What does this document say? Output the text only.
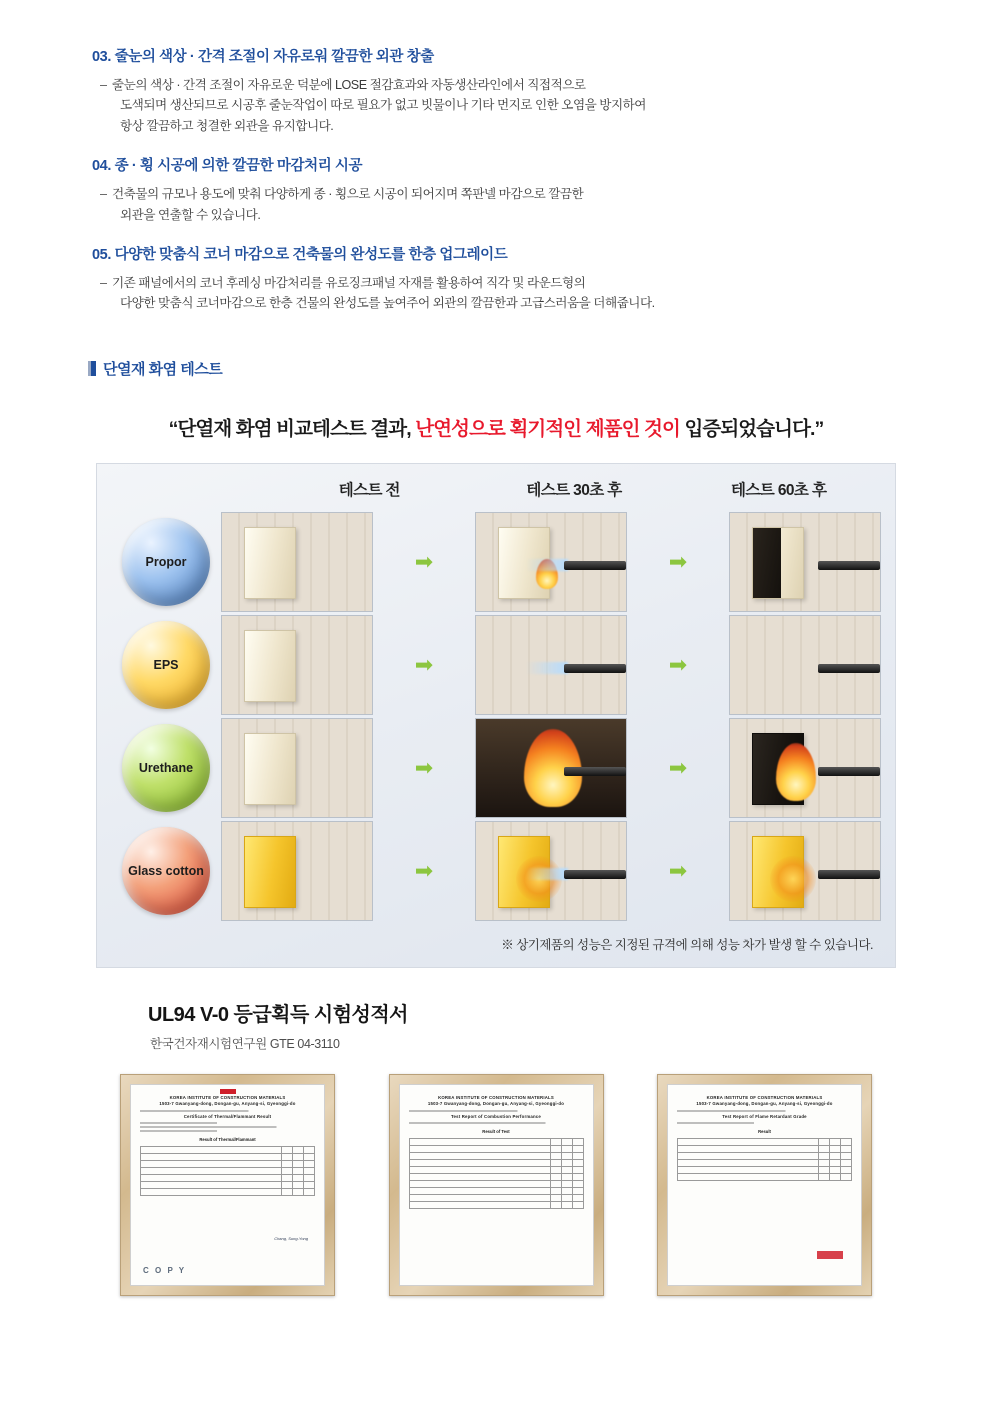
03. 줄눈의 색상 · 간격 조절이 자유로워 깔끔한 외관 창출
– 줄눈의 색상 · 간격 조절이 자유로운 덕분에 LOSE 절감효과와 자동생산라인에서 직접적으로
도색되며 생산되므로 시공후 줄눈작업이 따로 필요가 없고 빗물이나 기타 먼지로 인한 오염을 방지하여
항상 깔끔하고 청결한 외관을 유지합니다.
04. 종 · 횡 시공에 의한 깔끔한 마감처리 시공
– 건축물의 규모나 용도에 맞춰 다양하게 종 · 횡으로 시공이 되어지며 쪽판넬 마감으로 깔끔한
외관을 연출할 수 있습니다.
05. 다양한 맞춤식 코너 마감으로 건축물의 완성도를 한층 업그레이드
– 기존 패널에서의 코너 후레싱 마감처리를 유로징크패널 자재를 활용하여 직각 및 라운드형의
다양한 맞춤식 코너마감으로 한층 건물의 완성도를 높여주어 외관의 깔끔한과 고급스러움을 더해줍니다.
단열재 화염 테스트
“단열재 화염 비교테스트 결과, 난연성으로 획기적인 제품인 것이 입증되었습니다.”
테스트 전	테스트 30초 후	테스트 60초 후
Propor	➡	➡
EPS	➡	➡
Urethane	➡	➡
Glass cotton	➡	➡
※ 상기제품의 성능은 지정된 규격에 의해 성능 차가 발생 할 수 있습니다.
UL94 V-0 등급획득 시험성적서
한국건자재시험연구원 GTE 04-3110
KOREA INSTITUTE OF CONSTRUCTION MATERIALS
1503-7 Gwanyang-dong, Dongan-gu, Anyang-si, Gyeonggi-do
Certificate of Thermal/Flammant Result
Result of Thermal/Flammant

Chang, Sung-Yong
C O P Y
KOREA INSTITUTE OF CONSTRUCTION MATERIALS
1503-7 Gwanyang-dong, Dongan-gu, Anyang-si, Gyeonggi-do
Test Report of Combustion Performance
Result of Test

KOREA INSTITUTE OF CONSTRUCTION MATERIALS
1503-7 Gwanyang-dong, Dongan-gu, Anyang-si, Gyeonggi-do
Test Report of Flame Retardant Grade
Result
